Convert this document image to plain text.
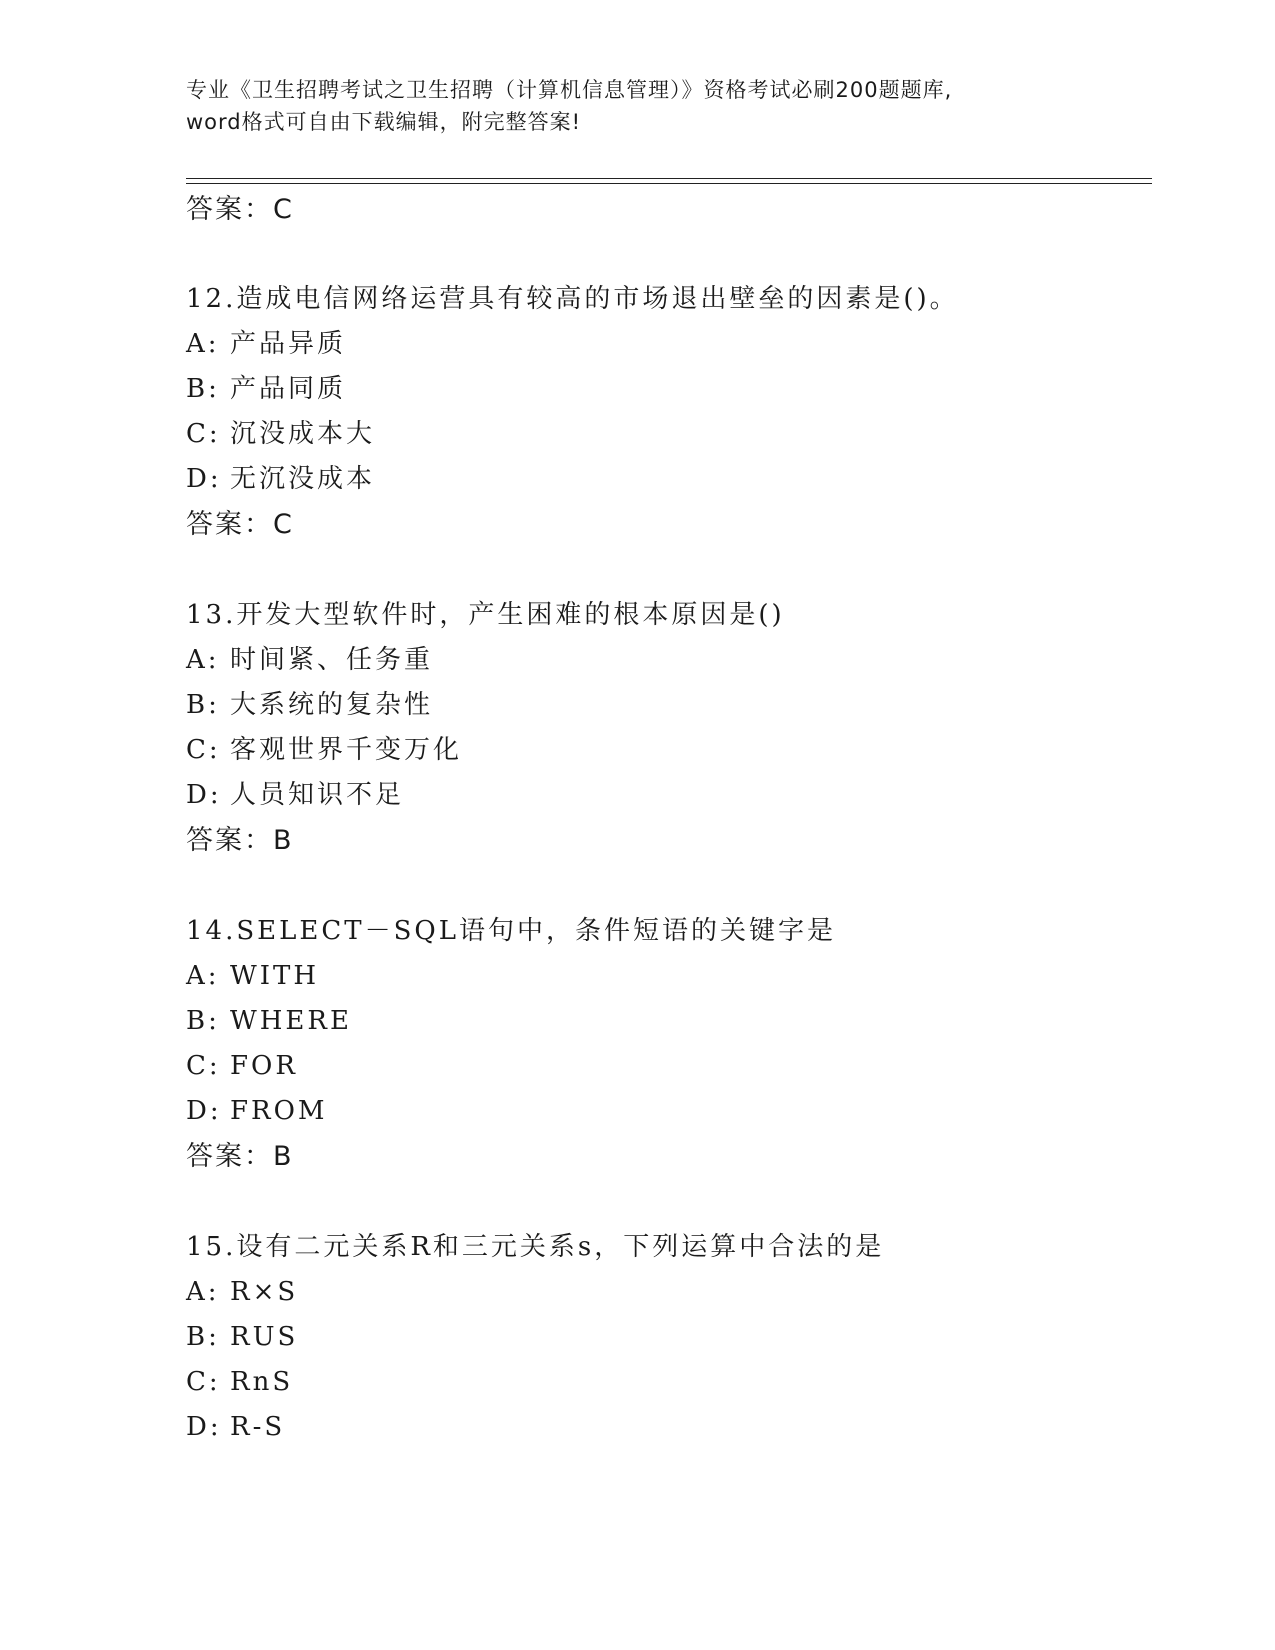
专业《卫生招聘考试之卫生招聘（计算机信息管理）》资格考试必刷200题题库,
word格式可自由下载编辑，附完整答案!
答案：C
12.造成电信网络运营具有较高的市场退出壁垒的因素是()。
A: 产品异质
B: 产品同质
C: 沉没成本大
D: 无沉没成本
答案：C
13.开发大型软件时，产生困难的根本原因是()
A: 时间紧、任务重
B: 大系统的复杂性
C: 客观世界千变万化
D: 人员知识不足
答案：B
14.SELECT－SQL语句中，条件短语的关键字是
A: WITH
B: WHERE
C: FOR
D: FROM
答案：B
15.设有二元关系R和三元关系s，下列运算中合法的是
A: R×S
B: RUS
C: RnS
D: R-S
